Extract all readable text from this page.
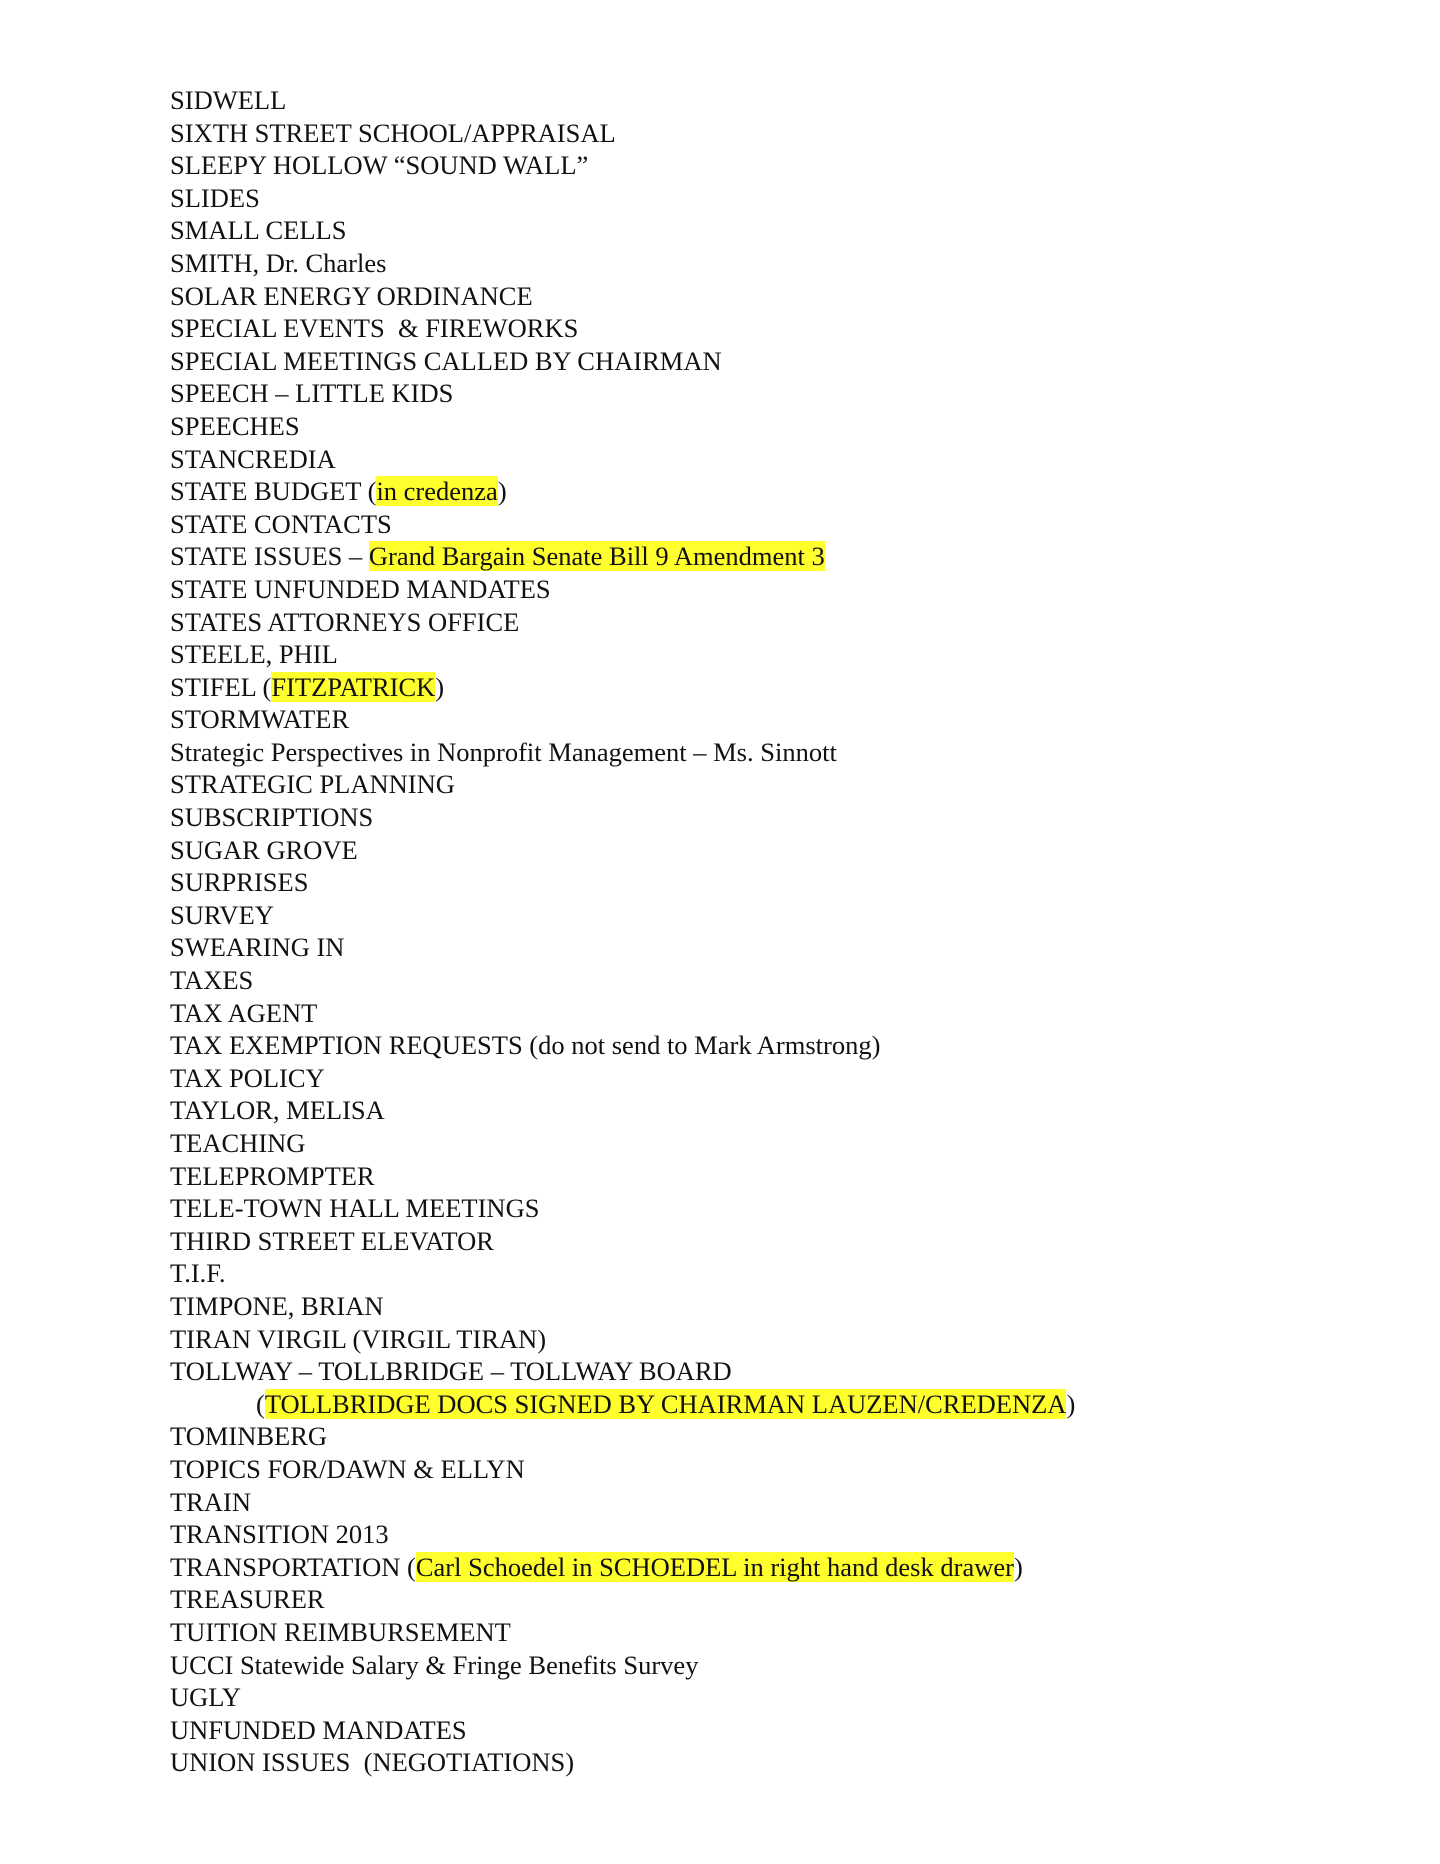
SIDWELL
SIXTH STREET SCHOOL/APPRAISAL
SLEEPY HOLLOW “SOUND WALL”
SLIDES
SMALL CELLS
SMITH, Dr. Charles
SOLAR ENERGY ORDINANCE
SPECIAL EVENTS  & FIREWORKS
SPECIAL MEETINGS CALLED BY CHAIRMAN
SPEECH – LITTLE KIDS
SPEECHES
STANCREDIA
STATE BUDGET (in credenza)
STATE CONTACTS
STATE ISSUES – Grand Bargain Senate Bill 9 Amendment 3
STATE UNFUNDED MANDATES
STATES ATTORNEYS OFFICE
STEELE, PHIL
STIFEL (FITZPATRICK)
STORMWATER
Strategic Perspectives in Nonprofit Management – Ms. Sinnott
STRATEGIC PLANNING
SUBSCRIPTIONS
SUGAR GROVE
SURPRISES
SURVEY
SWEARING IN
TAXES
TAX AGENT
TAX EXEMPTION REQUESTS (do not send to Mark Armstrong)
TAX POLICY
TAYLOR, MELISA
TEACHING
TELEPROMPTER
TELE-TOWN HALL MEETINGS
THIRD STREET ELEVATOR
T.I.F.
TIMPONE, BRIAN
TIRAN VIRGIL (VIRGIL TIRAN)
TOLLWAY – TOLLBRIDGE – TOLLWAY BOARD
(TOLLBRIDGE DOCS SIGNED BY CHAIRMAN LAUZEN/CREDENZA)
TOMINBERG
TOPICS FOR/DAWN & ELLYN
TRAIN
TRANSITION 2013
TRANSPORTATION (Carl Schoedel in SCHOEDEL in right hand desk drawer)
TREASURER
TUITION REIMBURSEMENT
UCCI Statewide Salary & Fringe Benefits Survey
UGLY
UNFUNDED MANDATES
UNION ISSUES  (NEGOTIATIONS)
